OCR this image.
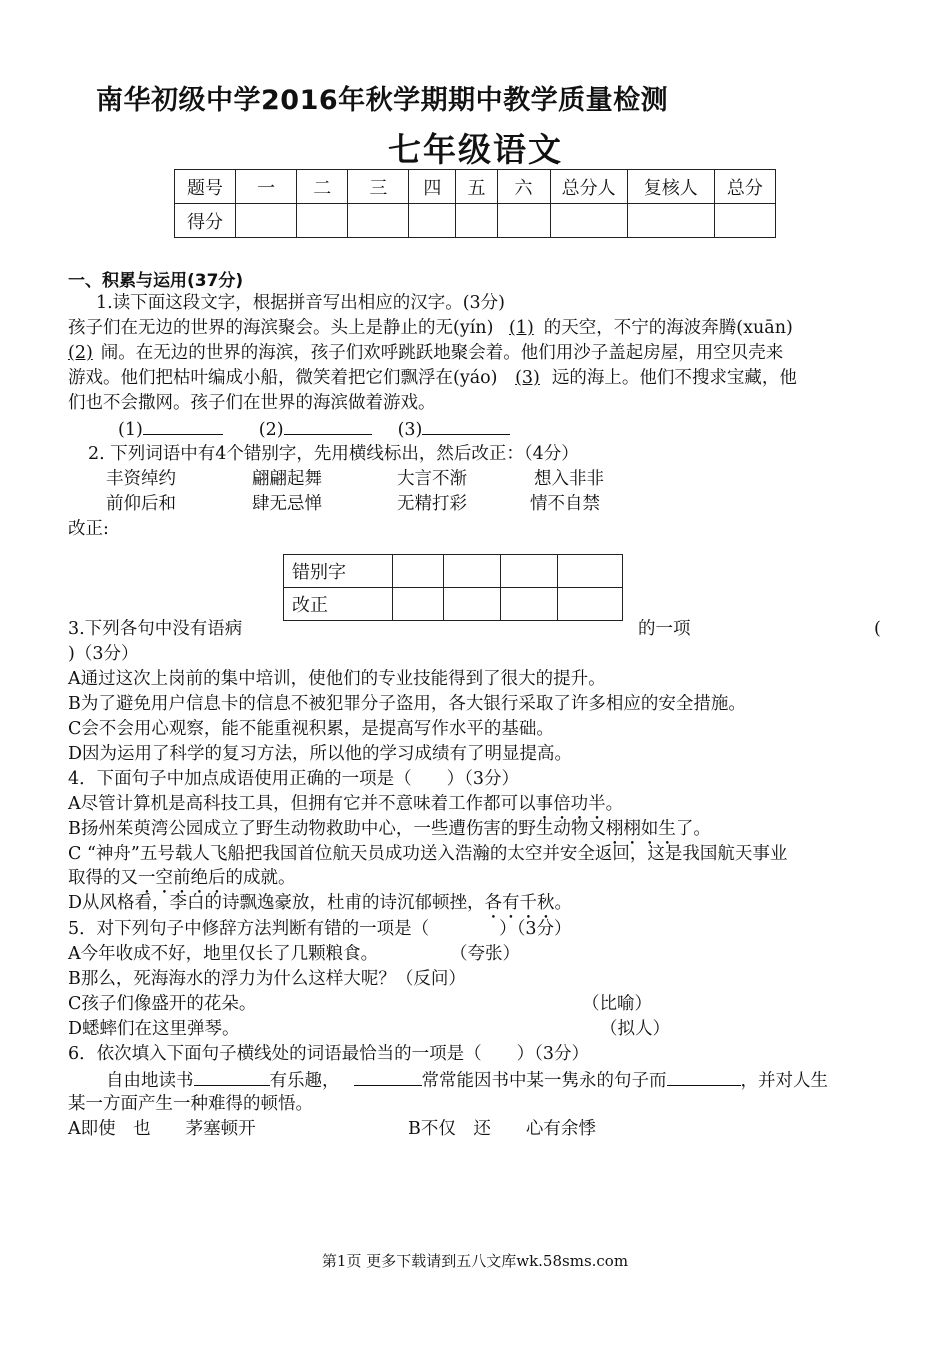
南华初级中学2016年秋学期期中教学质量检测
七年级语文
题号	一	二	三	四	五	六	总分人	复核人	总分
得分									
一、积累与运用(37分)
1.读下面这段文字，根据拼音写出相应的汉字。(3分)
孩子们在无边的世界的海滨聚会。头上是静止的无(yín) (1) 的天空，不宁的海波奔腾(xuān)
(2) 闹。在无边的世界的海滨，孩子们欢呼跳跃地聚会着。他们用沙子盖起房屋，用空贝壳来
游戏。他们把枯叶编成小船，微笑着把它们飘浮在(yáo) (3) 远的海上。他们不搜求宝藏，他
们也不会撒网。孩子们在世界的海滨做着游戏。
(1)	(2)	(3)
2. 下列词语中有4个错别字，先用横线标出，然后改正：（4分）
丰资绰约	翩翩起舞	大言不渐	想入非非
前仰后和	肆无忌惮	无精打彩	情不自禁
改正:
错别字				
改正				
3.下列各句中没有语病	的一项	(
)（3分）
A通过这次上岗前的集中培训，使他们的专业技能得到了很大的提升。
B为了避免用户信息卡的信息不被犯罪分子盗用，各大银行采取了许多相应的安全措施。
C会不会用心观察，能不能重视积累，是提高写作水平的基础。
D因为运用了科学的复习方法，所以他的学习成绩有了明显提高。
4．下面句子中加点成语使用正确的一项是（　　）（3分）
A尽管计算机是高科技工具，但拥有它并不意味着工作都可以事倍功半。
B扬州茱萸湾公园成立了野生动物救助中心，一些遭伤害的野生动物又栩栩如生了。
C “神舟”五号载人飞船把我国首位航天员成功送入浩瀚的太空并安全返回，这是我国航天事业
取得的又一空前绝后的成就。
D从风格看，李白的诗飘逸豪放，杜甫的诗沉郁顿挫，各有千秋。
5．对下列句子中修辞方法判断有错的一项是（　　　　）（3分）
A今年收成不好，地里仅长了几颗粮食。	（夸张）
B那么，死海海水的浮力为什么这样大呢？（反问）
C孩子们像盛开的花朵。	（比喻）
D蟋蟀们在这里弹琴。	（拟人）
6．依次填入下面句子横线处的词语最恰当的一项是（　　）（3分）
自由地读书	有乐趣，	常常能因书中某一隽永的句子而	，并对人生
某一方面产生一种难得的顿悟。
A即使　也　　茅塞顿开	B不仅　还　　心有余悸
第1页 更多下载请到五八文库wk.58sms.com
